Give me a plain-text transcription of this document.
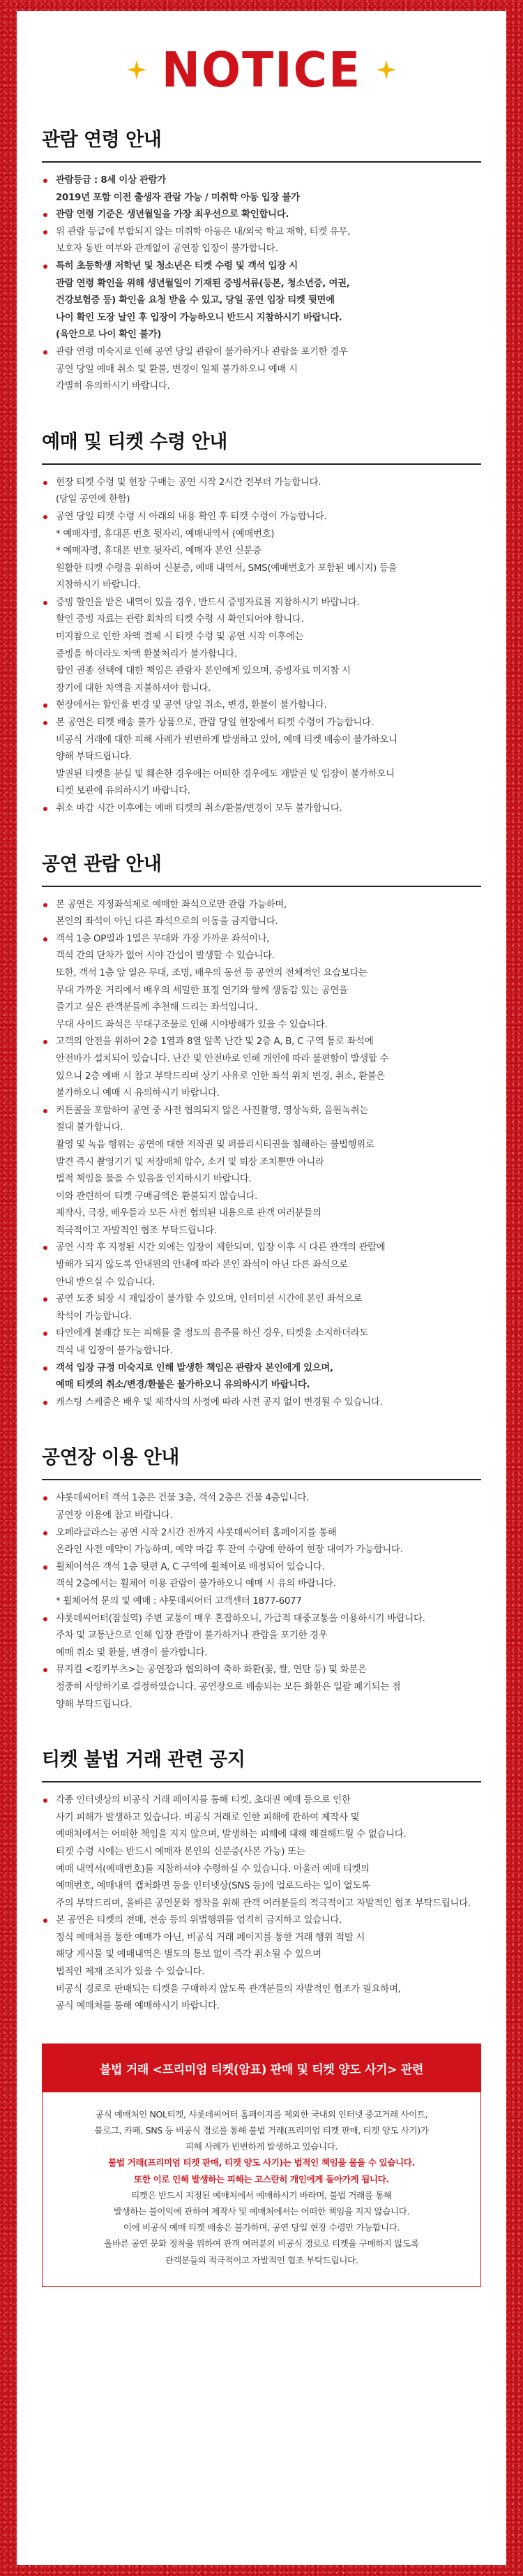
NOTICE
관람 연령 안내
관람등급 : 8세 이상 관람가
2019년 포함 이전 출생자 관람 가능 / 미취학 아동 입장 불가
관람 연령 기준은 생년월일을 가장 최우선으로 확인합니다.
위 관람 등급에 부합되지 않는 미취학 아동은 내/외국 학교 재학, 티켓 유무,
보호자 동반 여부와 관계없이 공연장 입장이 불가합니다.
특히 초등학생 저학년 및 청소년은 티켓 수령 및 객석 입장 시
관람 연령 확인을 위해 생년월일이 기재된 증빙서류(등본, 청소년증, 여권,
건강보험증 등) 확인을 요청 받을 수 있고, 당일 공연 입장 티켓 뒷면에
나이 확인 도장 날인 후 입장이 가능하오니 반드시 지참하시기 바랍니다.
(육안으로 나이 확인 불가)
관람 연령 미숙지로 인해 공연 당일 관람이 불가하거나 관람을 포기한 경우
공연 당일 예매 취소 및 환불, 변경이 일체 불가하오니 예매 시
각별히 유의하시기 바랍니다.
예매 및 티켓 수령 안내
현장 티켓 수령 및 현장 구매는 공연 시작 2시간 전부터 가능합니다.
(당일 공연에 한함)
공연 당일 티켓 수령 시 아래의 내용 확인 후 티켓 수령이 가능합니다.
* 예매자명, 휴대폰 번호 뒷자리, 예매내역서 (예매번호)
* 예매자명, 휴대폰 번호 뒷자리, 예매자 본인 신분증
원활한 티켓 수령을 위하여 신분증, 예매 내역서, SMS(예매번호가 포함된 메시지) 등을
지참하시기 바랍니다.
증빙 할인을 받은 내역이 있을 경우, 반드시 증빙자료를 지참하시기 바랍니다.
할인 증빙 자료는 관람 회차의 티켓 수령 시 확인되어야 합니다.
미지참으로 인한 차액 결제 시 티켓 수령 및 공연 시작 이후에는
증빙을 하더라도 차액 환불처리가 불가합니다.
할인 권종 선택에 대한 책임은 관람자 본인에게 있으며, 증빙자료 미지참 시
장기에 대한 차액을 지불하셔야 합니다.
현장에서는 할인율 변경 및 공연 당일 취소, 변경, 환불이 불가합니다.
본 공연은 티켓 배송 불가 상품으로, 관람 당일 현장에서 티켓 수령이 가능합니다.
비공식 거래에 대한 피해 사례가 빈번하게 발생하고 있어, 예매 티켓 배송이 불가하오니
양해 부탁드립니다.
발권된 티켓을 분실 및 훼손한 경우에는 어떠한 경우에도 재발권 및 입장이 불가하오니
티켓 보관에 유의하시기 바랍니다.
취소 마감 시간 이후에는 예매 티켓의 취소/환불/변경이 모두 불가합니다.
공연 관람 안내
본 공연은 지정좌석제로 예매한 좌석으로만 관람 가능하며,
본인의 좌석이 아닌 다른 좌석으로의 이동을 금지합니다.
객석 1층 OP열과 1열은 무대와 가장 가까운 좌석이나,
객석 간의 단차가 없어 시야 간섭이 발생할 수 있습니다.
또한, 객석 1층 앞 열은 무대, 조명, 배우의 동선 등 공연의 전체적인 요습보다는
무대 가까운 거리에서 배우의 세밀한 표정 연기와 함께 생동감 있는 공연을
즐기고 싶은 관객분들께 추천해 드리는 좌석입니다.
무대 사이드 좌석은 무대구조물로 인해 시야방해가 있을 수 있습니다.
고객의 안전을 위하여 2층 1열과 8열 앞쪽 난간 및 2층 A, B, C 구역 통로 좌석에
안전바가 설치되어 있습니다. 난간 및 안전바로 인해 개인에 따라 불편함이 발생할 수
있으니 2층 예매 시 참고 부탁드리며 상기 사유로 인한 좌석 위치 변경, 취소, 환불은
불가하오니 예매 시 유의하시기 바랍니다.
커튼콜을 포함하여 공연 중 사전 협의되지 않은 사진촬영, 영상녹화, 음원녹취는
절대 불가합니다.
촬영 및 녹음 행위는 공연에 대한 저작권 및 퍼블리시티권을 침해하는 불법행위로
발견 즉시 촬영기기 및 저장매체 압수, 소거 및 퇴장 조치뿐만 아니라
법적 책임을 물을 수 있음을 인지하시기 바랍니다.
이와 관련하여 티켓 구매금액은 환불되지 않습니다.
제작사, 극장, 배우들과 모든 사전 협의된 내용으로 관객 여러분들의
적극적이고 자발적인 협조 부탁드립니다.
공연 시작 후 지정된 시간 외에는 입장이 제한되며, 입장 이후 시 다른 관객의 관람에
방해가 되지 않도록 안내원의 안내에 따라 본인 좌석이 아닌 다른 좌석으로
안내 받으실 수 있습니다.
공연 도중 퇴장 시 재입장이 불가할 수 있으며, 인터미션 시간에 본인 좌석으로
착석이 가능합니다.
타인에게 불쾌감 또는 피해를 줄 정도의 음주를 하신 경우, 티켓을 소지하더라도
객석 내 입장이 불가능합니다.
객석 입장 규정 미숙지로 인해 발생한 책임은 관람자 본인에게 있으며,
예매 티켓의 취소/변경/환불은 불가하오니 유의하시기 바랍니다.
캐스팅 스케줄은 배우 및 제작사의 사정에 따라 사전 공지 없이 변경될 수 있습니다.
공연장 이용 안내
샤롯데씨어터 객석 1층은 건물 3층, 객석 2층은 건물 4층입니다.
공연장 이용에 참고 바랍니다.
오페라글라스는 공연 시작 2시간 전까지 샤롯데씨어터 홈페이지를 통해
온라인 사전 예약이 가능하며, 예약 마감 후 잔여 수량에 한하여 현장 대여가 가능합니다.
휠체어석은 객석 1층 뒷편 A, C 구역에 휠체어로 배정되어 있습니다.
객석 2층에서는 휠체어 이용 관람이 불가하오니 예매 시 유의 바랍니다.
* 휠체어석 문의 및 예매 : 샤롯데씨어터 고객센터 1877-6077
샤롯데씨어터(잠실역) 주변 교통이 매우 혼잡하오니, 가급적 대중교통을 이용하시기 바랍니다.
주차 및 교통난으로 인해 입장 관람이 불가하거나 관람을 포기한 경우
예매 취소 및 환불, 변경이 불가합니다.
뮤지컬 <킹키부츠>는 공연장과 협의하여 축하 화환(꽃, 쌀, 연탄 등) 및 화분은
정중히 사양하기로 결정하였습니다. 공연장으로 배송되는 모든 화환은 일괄 폐기되는 점
양해 부탁드립니다.
티켓 불법 거래 관련 공지
각종 인터넷상의 비공식 거래 페이지를 통해 티켓, 초대권 예매 등으로 인한
사기 피해가 발생하고 있습니다. 비공식 거래로 인한 피해에 관하여 제작사 및
예매처에서는 어떠한 책임을 지지 않으며, 발생하는 피해에 대해 해결해드릴 수 없습니다.
티켓 수령 시에는 반드시 예매자 본인의 신분증(사본 가능) 또는
예매 내역서(예매번호)를 지참하셔야 수령하실 수 있습니다. 아울러 예매 티켓의
예매번호, 예매내역 캡처화면 등을 인터넷상(SNS 등)에 업로드하는 일이 없도록
주의 부탁드리며, 올바른 공연문화 정착을 위해 관객 여러분들의 적극적이고 자발적인 협조 부탁드립니다.
본 공연은 티켓의 전매, 전송 등의 위법행위를 엄격히 금지하고 있습니다.
정식 예매처를 통한 예매가 아닌, 비공식 거래 페이지를 통한 거래 행위 적발 시
해당 게시물 및 예매내역은 별도의 통보 없이 즉각 취소될 수 있으며
법적인 제재 조치가 있을 수 있습니다.
비공식 경로로 판매되는 티켓을 구매하지 않도록 관객분들의 자발적인 협조가 필요하며,
공식 예매처를 통해 예매하시기 바랍니다.
불법 거래 <프리미엄 티켓(암표) 판매 및 티켓 양도 사기> 관련

공식 예매처인 NOL티켓, 샤롯데씨어터 홈페이지를 제외한 국내외 인터넷 중고거래 사이트,
블로그, 카페, SNS 등 비공식 경로를 통해 불법 거래(프리미엄 티켓 판매, 티켓 양도 사기)가
피해 사례가 빈번하게 발생하고 있습니다.

불법 거래(프리미엄 티켓 판매, 티켓 양도 사기)는 법적인 책임을 물을 수 있습니다.
또한 이로 인해 발생하는 피해는 고스란히 개인에게 돌아가게 됩니다.

티켓은 반드시 지정된 예매처에서 예매하시기 바라며, 불법 거래를 통해
발생하는 불이익에 관하여 제작사 및 예매처에서는 어떠한 책임을 지지 않습니다.
이에 비공식 예매 티켓 배송은 불가하며, 공연 당일 현장 수령만 가능합니다.
올바른 공연 문화 정착을 위하여 관객 여러분의 비공식 경로로 티켓을 구매하지 않도록
관객분들의 적극적이고 자발적인 협조 부탁드립니다.
